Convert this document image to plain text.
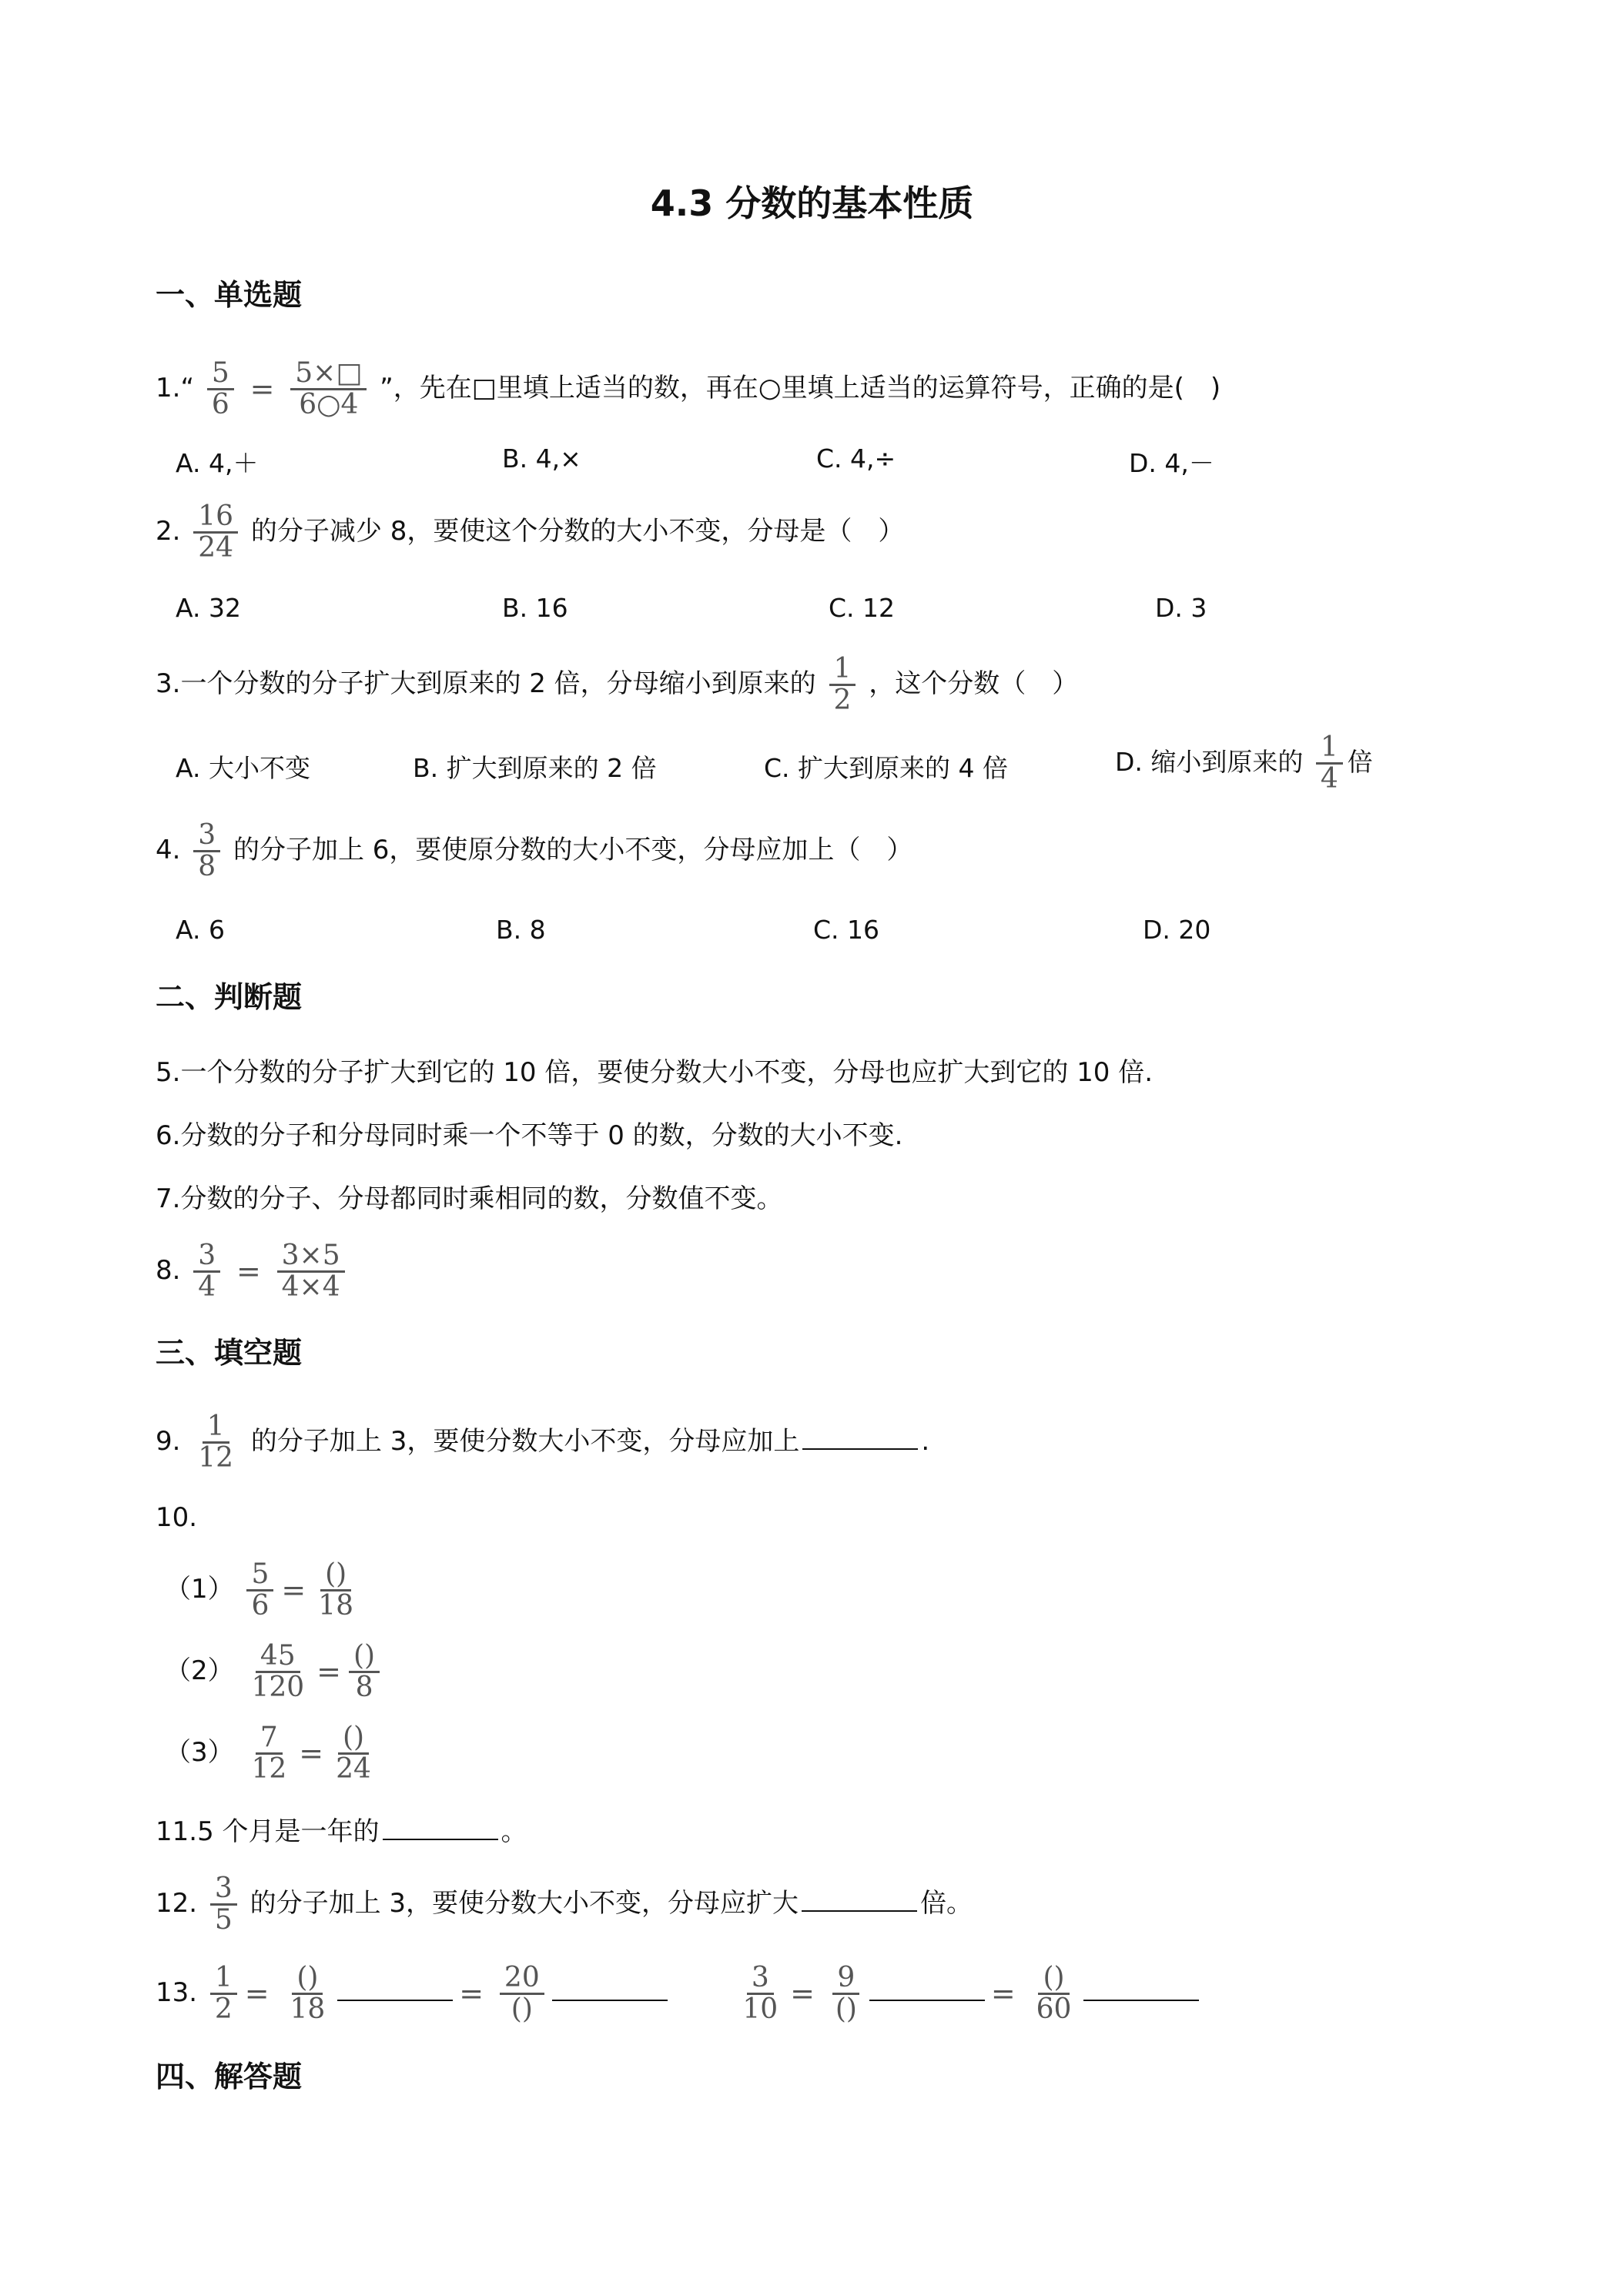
4.3 分数的基本性质
一、单选题
1.“ $\frac{5}{6} = \frac{5\times□}{6○4}$ ”，先在□里填上适当的数，再在○里填上适当的运算符号，正确的是(　)
A. 4,＋	B. 4,×	C. 4,÷	D. 4,－
2. $\frac{16}{24}$ 的分子减少 8，要使这个分数的大小不变，分母是（　）
A. 32	B. 16	C. 12	D. 3
3.一个分数的分子扩大到原来的 2 倍，分母缩小到原来的 $\frac{1}{2}$ ，这个分数（　）
A. 大小不变	B. 扩大到原来的 2 倍	C. 扩大到原来的 4 倍	D. 缩小到原来的 $\frac{1}{4}$ 倍
4. $\frac{3}{8}$ 的分子加上 6，要使原分数的大小不变，分母应加上（　）
A. 6	B. 8	C. 16	D. 20
二、判断题
5.一个分数的分子扩大到它的 10 倍，要使分数大小不变，分母也应扩大到它的 10 倍.
6.分数的分子和分母同时乘一个不等于 0 的数，分数的大小不变.
7.分数的分子、分母都同时乘相同的数，分数值不变。
8. $\frac{3}{4} = \frac{3\times 5}{4\times 4}$
三、填空题
9. $\frac{1}{12}$ 的分子加上 3，要使分数大小不变，分母应加上	.
10.
$(1) \frac{5}{6} = \frac{()}{18}$
$(2) \frac{45}{120} = \frac{()}{8}$
$(3) \frac{7}{12} = \frac{()}{24}$
11.5 个月是一年的	。
12. $\frac{3}{5}$ 的分子加上 3，要使分数大小不变，分母应扩大	倍。
13. $\frac{1}{2} = \frac{()}{18}$	= $\frac{20}{()}$
	$\frac{3}{10} = \frac{9}{()}$	= $\frac{()}{60}$
四、解答题
